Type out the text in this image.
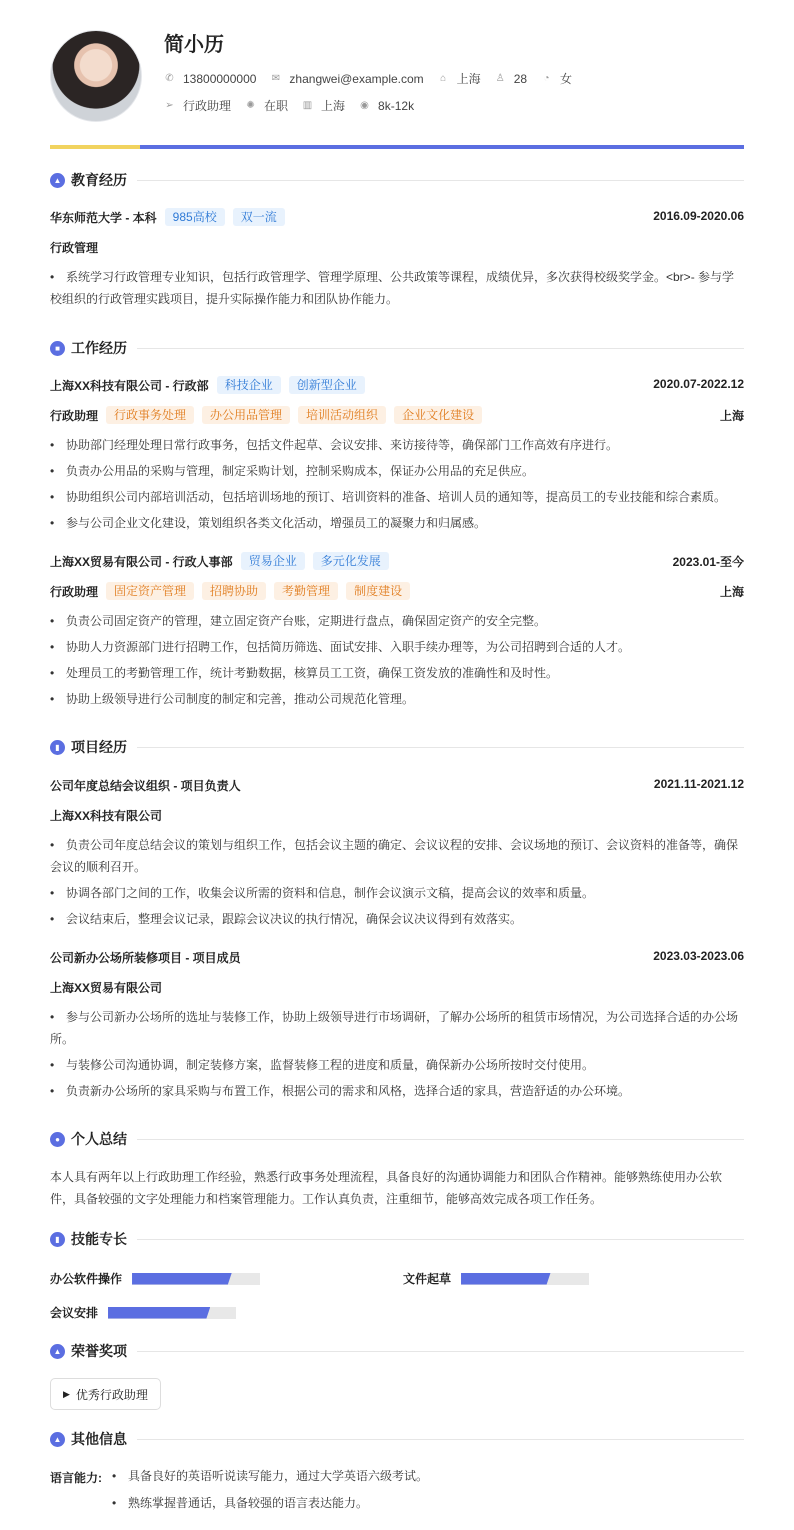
简小历
✆ 13800000000 ✉ zhangwei@example.com ⌂ 上海 ♙ 28 ◔ 女
➢ 行政助理 ✺ 在职 ▥ 上海 ◉ 8k-12k
▲ 教育经历
华东师范大学 - 本科	985高校	双一流	2016.09-2020.06
行政管理
• 系统学习行政管理专业知识，包括行政管理学、管理学原理、公共政策等课程，成绩优异，多次获得校级奖学金。<br>- 参与学校组织的行政管理实践项目，提升实际操作能力和团队协作能力。
■ 工作经历
上海XX科技有限公司 - 行政部	科技企业	创新型企业	2020.07-2022.12
行政助理	行政事务处理	办公用品管理	培训活动组织	企业文化建设	上海
• 协助部门经理处理日常行政事务，包括文件起草、会议安排、来访接待等，确保部门工作高效有序进行。
• 负责办公用品的采购与管理，制定采购计划，控制采购成本，保证办公用品的充足供应。
• 协助组织公司内部培训活动，包括培训场地的预订、培训资料的准备、培训人员的通知等，提高员工的专业技能和综合素质。
• 参与公司企业文化建设，策划组织各类文化活动，增强员工的凝聚力和归属感。
上海XX贸易有限公司 - 行政人事部	贸易企业	多元化发展	2023.01-至今
行政助理	固定资产管理	招聘协助	考勤管理	制度建设	上海
• 负责公司固定资产的管理，建立固定资产台账，定期进行盘点，确保固定资产的安全完整。
• 协助人力资源部门进行招聘工作，包括简历筛选、面试安排、入职手续办理等，为公司招聘到合适的人才。
• 处理员工的考勤管理工作，统计考勤数据，核算员工工资，确保工资发放的准确性和及时性。
• 协助上级领导进行公司制度的制定和完善，推动公司规范化管理。
▮ 项目经历
公司年度总结会议组织 - 项目负责人	2021.11-2021.12
上海XX科技有限公司
• 负责公司年度总结会议的策划与组织工作，包括会议主题的确定、会议议程的安排、会议场地的预订、会议资料的准备等，确保会议的顺利召开。
• 协调各部门之间的工作，收集会议所需的资料和信息，制作会议演示文稿，提高会议的效率和质量。
• 会议结束后，整理会议记录，跟踪会议决议的执行情况，确保会议决议得到有效落实。
公司新办公场所装修项目 - 项目成员	2023.03-2023.06
上海XX贸易有限公司
• 参与公司新办公场所的选址与装修工作，协助上级领导进行市场调研，了解办公场所的租赁市场情况，为公司选择合适的办公场所。
• 与装修公司沟通协调，制定装修方案，监督装修工程的进度和质量，确保新办公场所按时交付使用。
• 负责新办公场所的家具采购与布置工作，根据公司的需求和风格，选择合适的家具，营造舒适的办公环境。
● 个人总结
本人具有两年以上行政助理工作经验，熟悉行政事务处理流程，具备良好的沟通协调能力和团队合作精神。能够熟练使用办公软件，具备较强的文字处理能力和档案管理能力。工作认真负责，注重细节，能够高效完成各项工作任务。
▮ 技能专长
办公软件操作	文件起草
会议安排
▲ 荣誉奖项
▶ 优秀行政助理
▲ 其他信息
语言能力: • 具备良好的英语听说读写能力，通过大学英语六级考试。
• 熟练掌握普通话，具备较强的语言表达能力。
